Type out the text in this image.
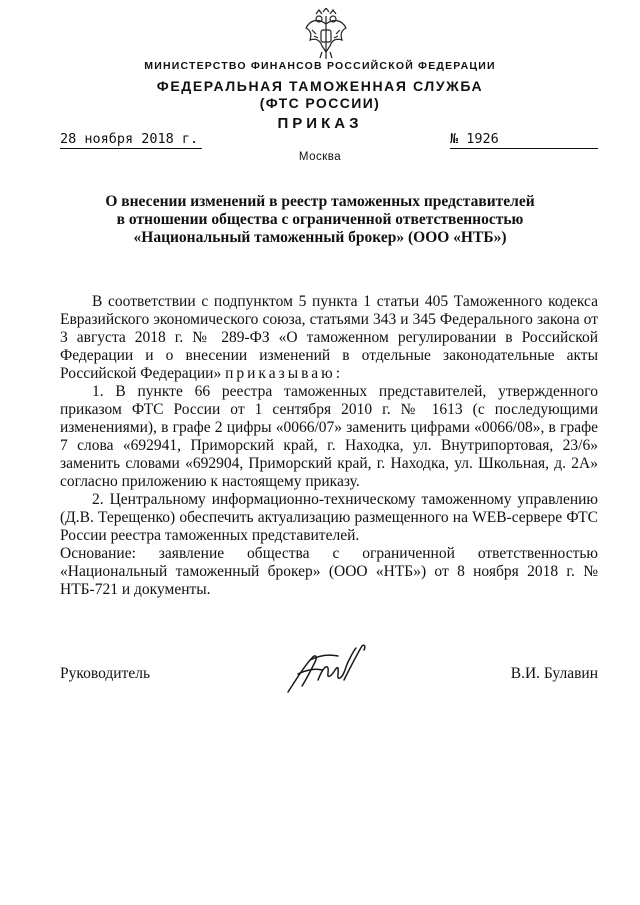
МИНИСТЕРСТВО ФИНАНСОВ РОССИЙСКОЙ ФЕДЕРАЦИИ
ФЕДЕРАЛЬНАЯ ТАМОЖЕННАЯ СЛУЖБА
(ФТС РОССИИ)
ПРИКАЗ
28 ноября 2018 г.	№ 1926
Москва
О внесении изменений в реестр таможенных представителей
в отношении общества с ограниченной ответственностью
«Национальный таможенный брокер» (ООО «НТБ»)

В соответствии с подпунктом 5 пункта 1 статьи 405 Таможенного кодекса Евразийского экономического союза, статьями 343 и 345 Федерального закона от 3 августа 2018 г. № 289-ФЗ «О таможенном регулировании в Российской Федерации и о внесении изменений в отдельные законодательные акты Российской Федерации» приказываю:

1. В пункте 66 реестра таможенных представителей, утвержденного приказом ФТС России от 1 сентября 2010 г. № 1613 (с последующими изменениями), в графе 2 цифры «0066/07» заменить цифрами «0066/08», в графе 7 слова «692941, Приморский край, г. Находка, ул. Внутрипортовая, 23/6» заменить словами «692904, Приморский край, г. Находка, ул. Школьная, д. 2А» согласно приложению к настоящему приказу.

2. Центральному информационно-техническому таможенному управлению (Д.В. Терещенко) обеспечить актуализацию размещенного на WEB-сервере ФТС России реестра таможенных представителей.

Основание: заявление общества с ограниченной ответственностью «Национальный таможенный брокер» (ООО «НТБ») от 8 ноября 2018 г. № НТБ-721 и документы.
Руководитель	В.И. Булавин
